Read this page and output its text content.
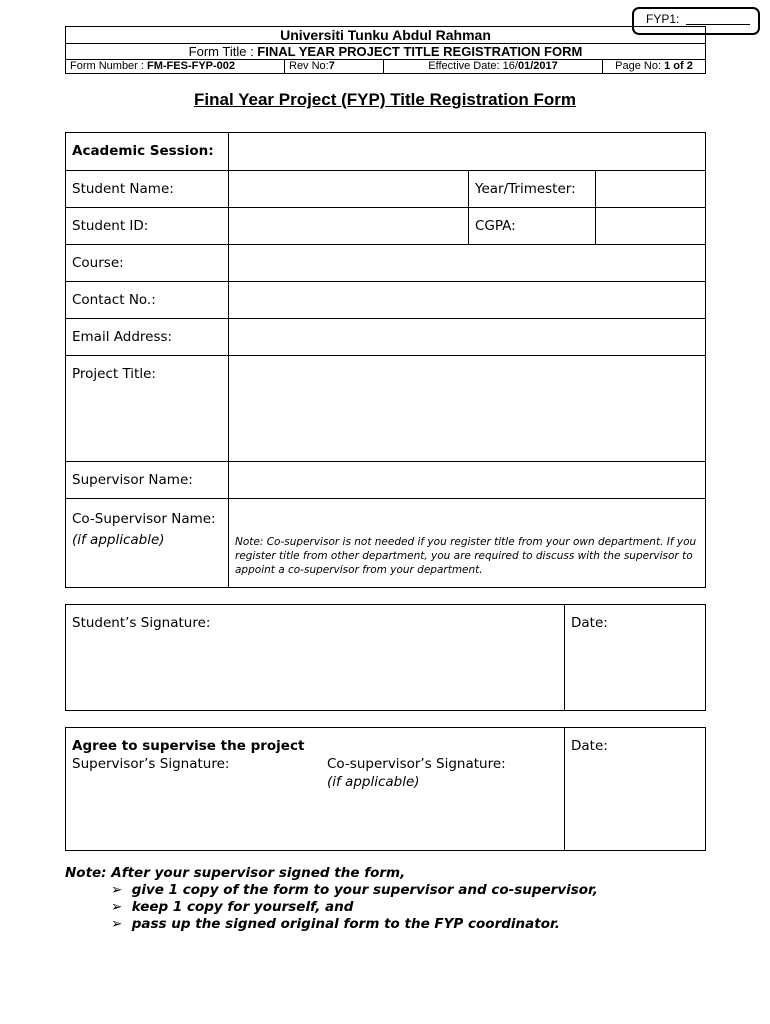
FYP1:
Universiti Tunku Abdul Rahman
Form Title : FINAL YEAR PROJECT TITLE REGISTRATION FORM
Form Number : FM-FES-FYP-002	Rev No:7	Effective Date: 16/01/2017	Page No: 1 of 2
Final Year Project (FYP) Title Registration Form
Academic Session:			
Student Name:		Year/Trimester:	
Student ID:		CGPA:	
Course:			
Contact No.:			
Email Address:			
Project Title:			
Supervisor Name:			

Co-Supervisor Name:
(if applicable)	Note: Co-supervisor is not needed if you register title from your own department. If you register title from other department, you are required to discuss with the supervisor to appoint a co-supervisor from your department.		
Student’s Signature:	Date:
Agree to supervise the project
Supervisor’s Signature:	Co-supervisor’s Signature:
(if applicable)
	Date:
Note: After your supervisor signed the form,
➢ give 1 copy of the form to your supervisor and co-supervisor,
➢ keep 1 copy for yourself, and
➢ pass up the signed original form to the FYP coordinator.
